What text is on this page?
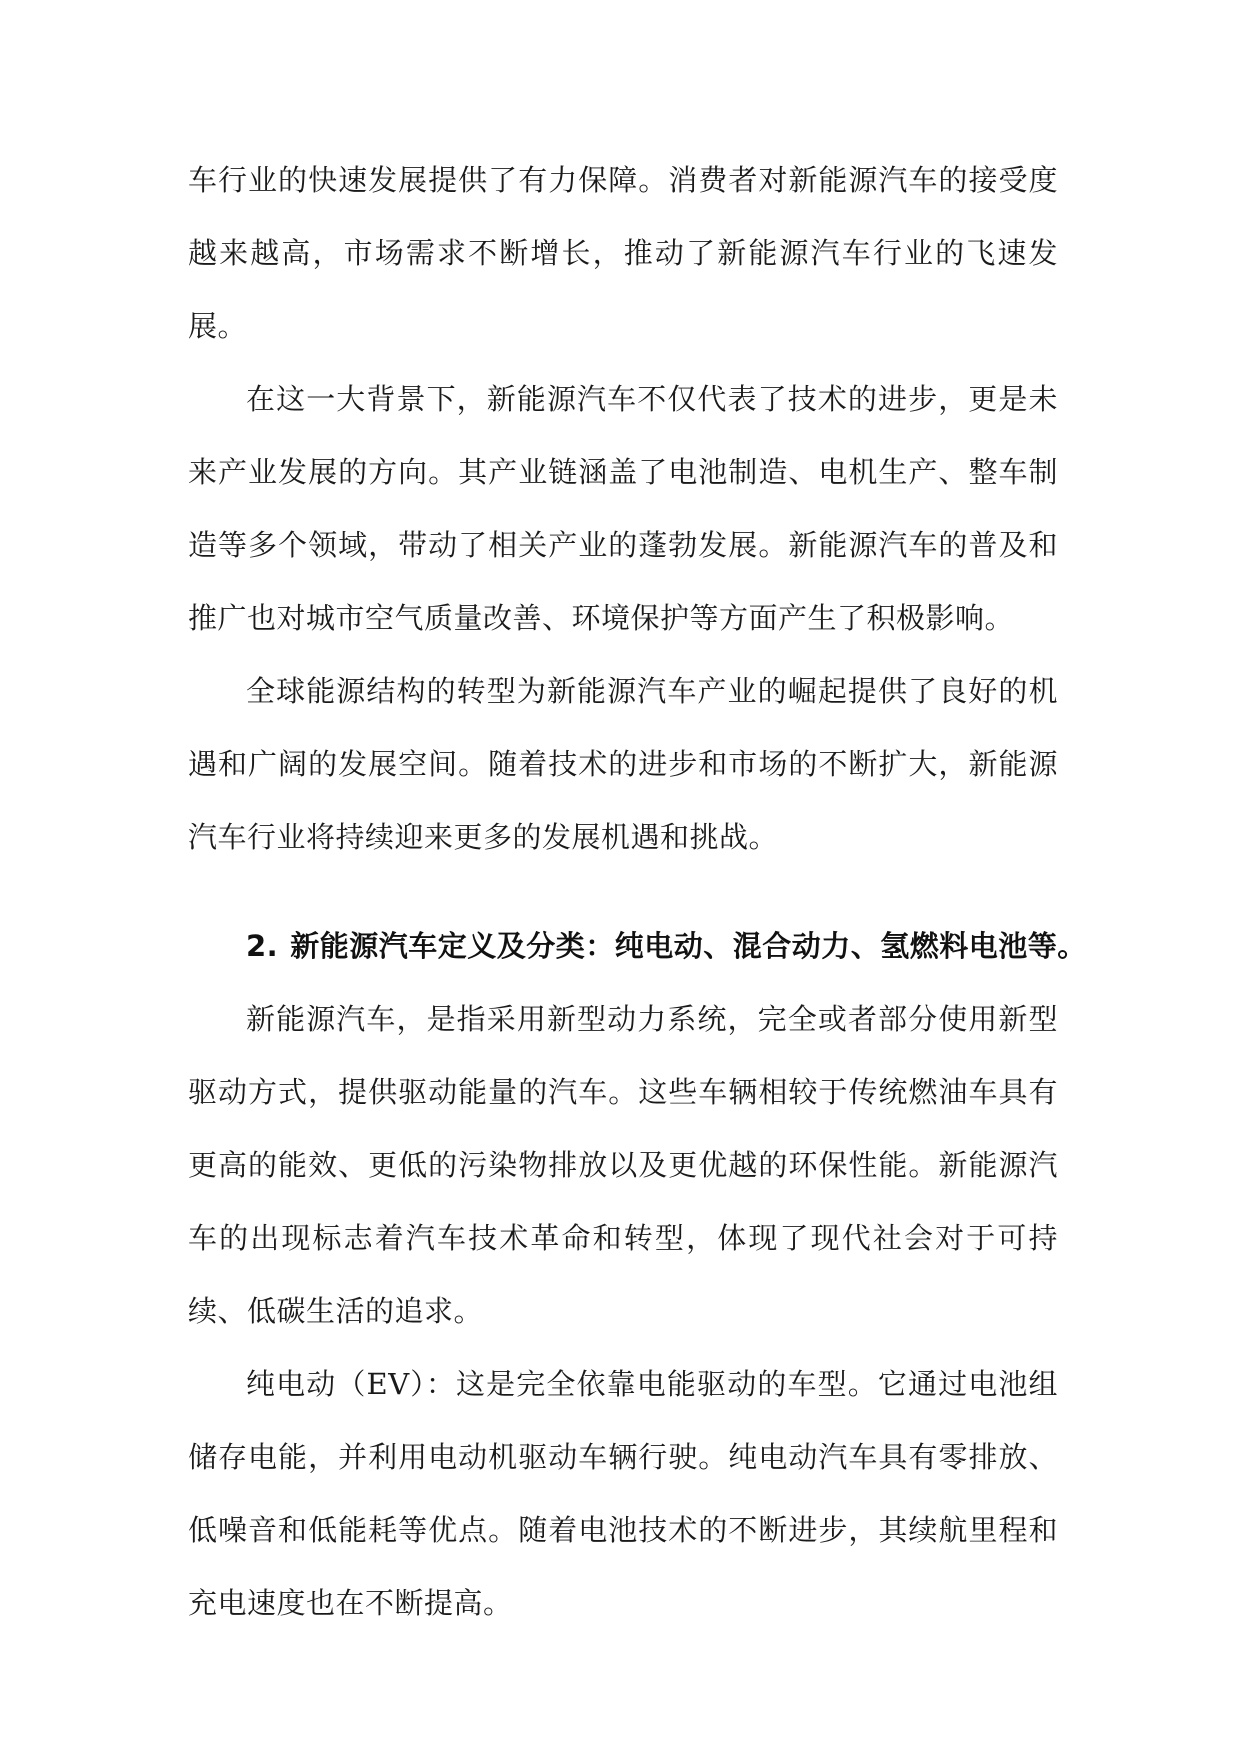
车行业的快速发展提供了有力保障。消费者对新能源汽车的接受度越来越高，市场需求不断增长，推动了新能源汽车行业的飞速发展。

在这一大背景下，新能源汽车不仅代表了技术的进步，更是未来产业发展的方向。其产业链涵盖了电池制造、电机生产、整车制造等多个领域，带动了相关产业的蓬勃发展。新能源汽车的普及和推广也对城市空气质量改善、环境保护等方面产生了积极影响。

全球能源结构的转型为新能源汽车产业的崛起提供了良好的机遇和广阔的发展空间。随着技术的进步和市场的不断扩大，新能源汽车行业将持续迎来更多的发展机遇和挑战。

2. 新能源汽车定义及分类：纯电动、混合动力、氢燃料电池等。

新能源汽车，是指采用新型动力系统，完全或者部分使用新型驱动方式，提供驱动能量的汽车。这些车辆相较于传统燃油车具有更高的能效、更低的污染物排放以及更优越的环保性能。新能源汽车的出现标志着汽车技术革命和转型，体现了现代社会对于可持续、低碳生活的追求。

纯电动（EV）：这是完全依靠电能驱动的车型。它通过电池组储存电能，并利用电动机驱动车辆行驶。纯电动汽车具有零排放、低噪音和低能耗等优点。随着电池技术的不断进步，其续航里程和充电速度也在不断提高。
